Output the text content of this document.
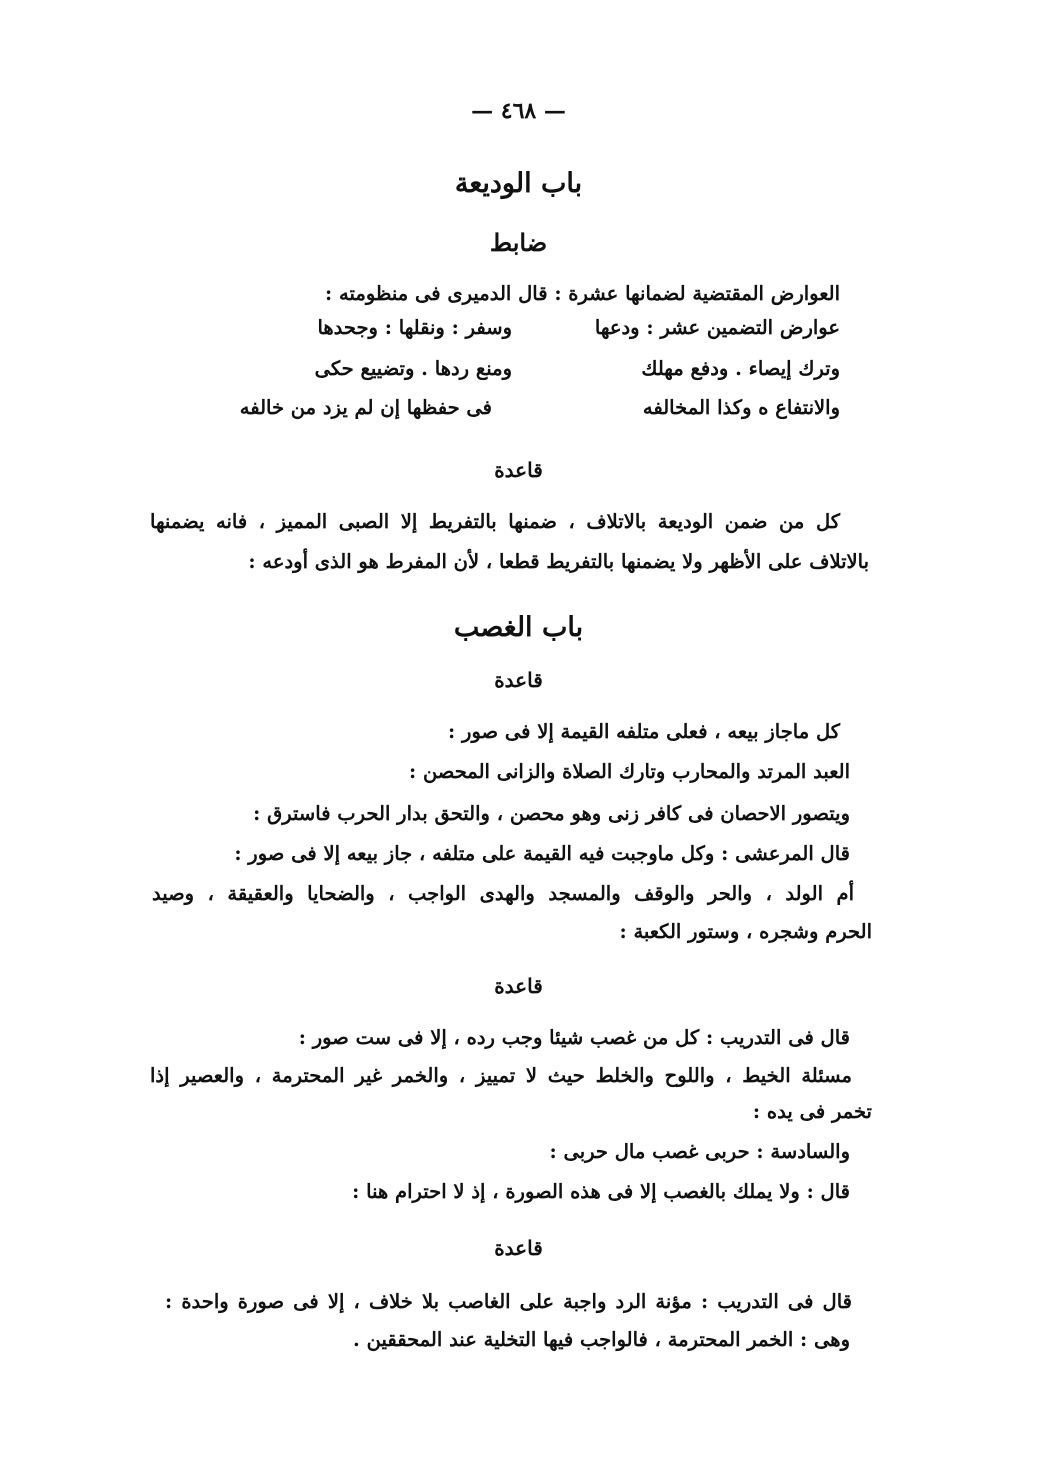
— ٤٦٨ —
باب الوديعة
ضابط
العوارض المقتضية لضمانها عشرة : قال الدميرى فى منظومته :
عوارض التضمين عشر : ودعها
وسفر : ونقلها : وجحدها
وترك إيصاء . ودفع مهلك
ومنع ردها . وتضييع حكى
والانتفاع ه وكذا المخالفه
فى حفظها إن لم يزد من خالفه
قاعدة
كل من ضمن الوديعة بالاتلاف ، ضمنها بالتفريط إلا الصبى المميز ، فانه يضمنها
بالاتلاف على الأظهر ولا يضمنها بالتفريط قطعا ، لأن المفرط هو الذى أودعه :
باب الغصب
قاعدة
كل ماجاز بيعه ، فعلى متلفه القيمة إلا فى صور :
العبد المرتد والمحارب وتارك الصلاة والزانى المحصن :
ويتصور الاحصان فى كافر زنى وهو محصن ، والتحق بدار الحرب فاسترق :
قال المرعشى : وكل ماوجبت فيه القيمة على متلفه ، جاز بيعه إلا فى صور :
أم الولد ، والحر والوقف والمسجد والهدى الواجب ، والضحايا والعقيقة ، وصيد
الحرم وشجره ، وستور الكعبة :
قاعدة
قال فى التدريب : كل من غصب شيئا وجب رده ، إلا فى ست صور :
مسئلة الخيط ، واللوح والخلط حيث لا تمييز ، والخمر غير المحترمة ، والعصير إذا
تخمر فى يده :
والسادسة : حربى غصب مال حربى :
قال : ولا يملك بالغصب إلا فى هذه الصورة ، إذ لا احترام هنا :
قاعدة
قال فى التدريب : مؤنة الرد واجبة على الغاصب بلا خلاف ، إلا فى صورة واحدة :
وهى : الخمر المحترمة ، فالواجب فيها التخلية عند المحققين .
